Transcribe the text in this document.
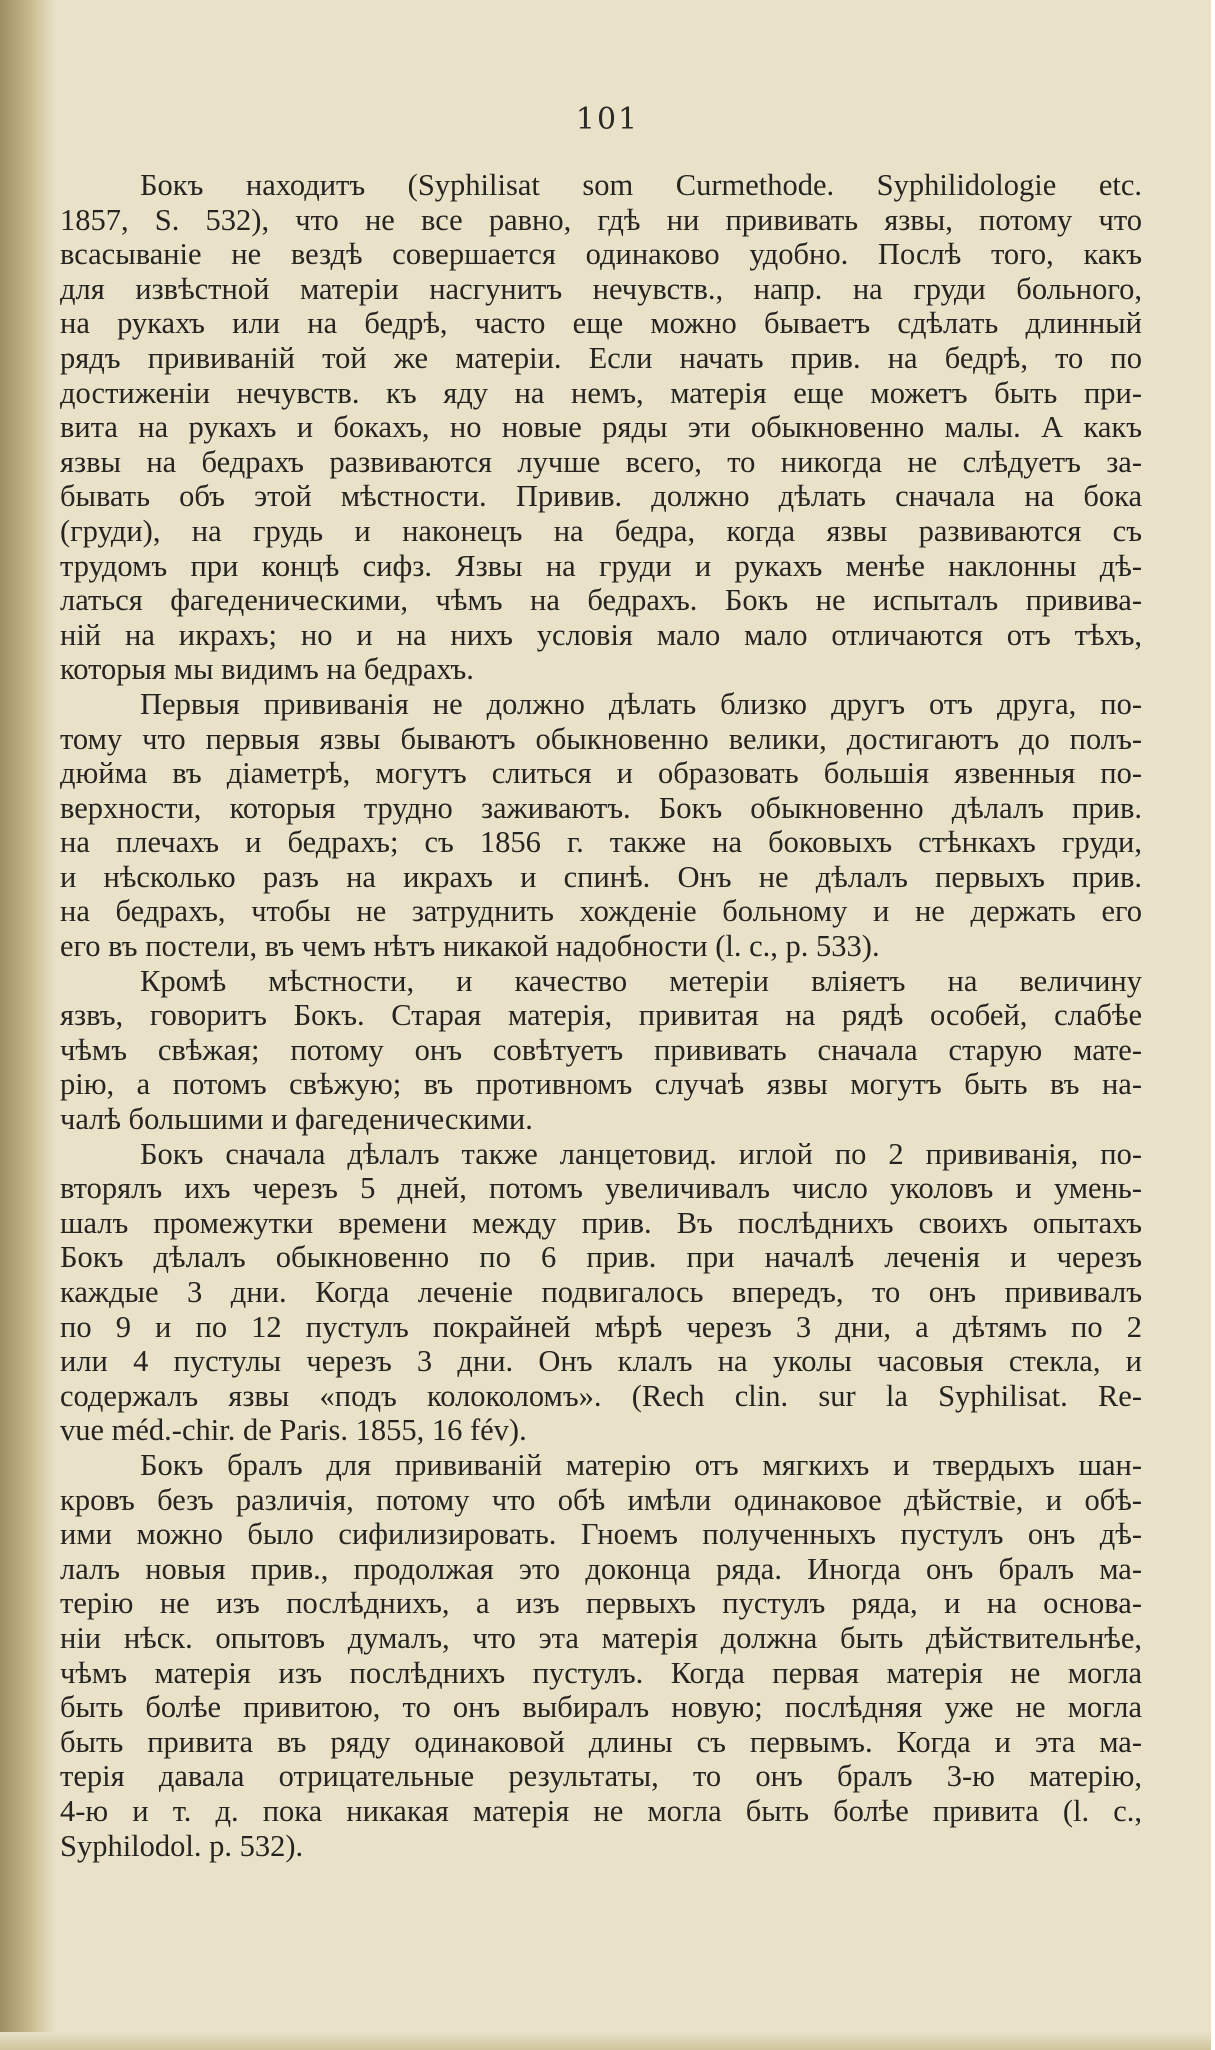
101
Бокъ находитъ (Syphilisat som Curmethode. Syphilidologie etc.
1857, S. 532), что не все равно, гдѣ ни прививать язвы, потому что
всасываніе не вездѣ совершается одинаково удобно. Послѣ того, какъ
для извѣстной матеріи насгунитъ нечувств., напр. на груди больного,
на рукахъ или на бедрѣ, часто еще можно бываетъ сдѣлать длинный
рядъ прививаній той же матеріи. Если начать прив. на бедрѣ, то по
достиженіи нечувств. къ яду на немъ, матерія еще можетъ быть при-
вита на рукахъ и бокахъ, но новые ряды эти обыкновенно малы. А какъ
язвы на бедрахъ развиваются лучше всего, то никогда не слѣдуетъ за-
бывать объ этой мѣстности. Привив. должно дѣлать сначала на бока
(груди), на грудь и наконецъ на бедра, когда язвы развиваются съ
трудомъ при концѣ сифз. Язвы на груди и рукахъ менѣе наклонны дѣ-
латься фагеденическими, чѣмъ на бедрахъ. Бокъ не испыталъ привива-
ній на икрахъ; но и на нихъ условія мало мало отличаются отъ тѣхъ,
которыя мы видимъ на бедрахъ.
Первыя прививанія не должно дѣлать близко другъ отъ друга, по-
тому что первыя язвы бываютъ обыкновенно велики, достигаютъ до полъ-
дюйма въ діаметрѣ, могутъ слиться и образовать большія язвенныя по-
верхности, которыя трудно заживаютъ. Бокъ обыкновенно дѣлалъ прив.
на плечахъ и бедрахъ; съ 1856 г. также на боковыхъ стѣнкахъ груди,
и нѣсколько разъ на икрахъ и спинѣ. Онъ не дѣлалъ первыхъ прив.
на бедрахъ, чтобы не затруднить хожденіе больному и не держать его
его въ постели, въ чемъ нѣтъ никакой надобности (l. c., p. 533).
Кромѣ мѣстности, и качество метеріи вліяетъ на величину
язвъ, говоритъ Бокъ. Старая матерія, привитая на рядѣ особей, слабѣе
чѣмъ свѣжая; потому онъ совѣтуетъ прививать сначала старую мате-
рію, а потомъ свѣжую; въ противномъ случаѣ язвы могутъ быть въ на-
чалѣ большими и фагеденическими.
Бокъ сначала дѣлалъ также ланцетовид. иглой по 2 прививанія, по-
вторялъ ихъ черезъ 5 дней, потомъ увеличивалъ число уколовъ и умень-
шалъ промежутки времени между прив. Въ послѣднихъ своихъ опытахъ
Бокъ дѣлалъ обыкновенно по 6 прив. при началѣ леченія и черезъ
каждые 3 дни. Когда леченіе подвигалось впередъ, то онъ прививалъ
по 9 и по 12 пустулъ покрайней мѣрѣ черезъ 3 дни, а дѣтямъ по 2
или 4 пустулы черезъ 3 дни. Онъ клалъ на уколы часовыя стекла, и
содержалъ язвы «подъ колоколомъ». (Rech clin. sur la Syphilisat. Re-
vue méd.-chir. de Paris. 1855, 16 fév).
Бокъ бралъ для прививаній матерію отъ мягкихъ и твердыхъ шан-
кровъ безъ различія, потому что обѣ имѣли одинаковое дѣйствіе, и обѣ-
ими можно было сифилизировать. Гноемъ полученныхъ пустулъ онъ дѣ-
лалъ новыя прив., продолжая это доконца ряда. Иногда онъ бралъ ма-
терію не изъ послѣднихъ, а изъ первыхъ пустулъ ряда, и на основа-
ніи нѣск. опытовъ думалъ, что эта матерія должна быть дѣйствительнѣе,
чѣмъ матерія изъ послѣднихъ пустулъ. Когда первая матерія не могла
быть болѣе привитою, то онъ выбиралъ новую; послѣдняя уже не могла
быть привита въ ряду одинаковой длины съ первымъ. Когда и эта ма-
терія давала отрицательные результаты, то онъ бралъ 3-ю матерію,
4-ю и т. д. пока никакая матерія не могла быть болѣе привита (l. c.,
Syphilodol. p. 532).
